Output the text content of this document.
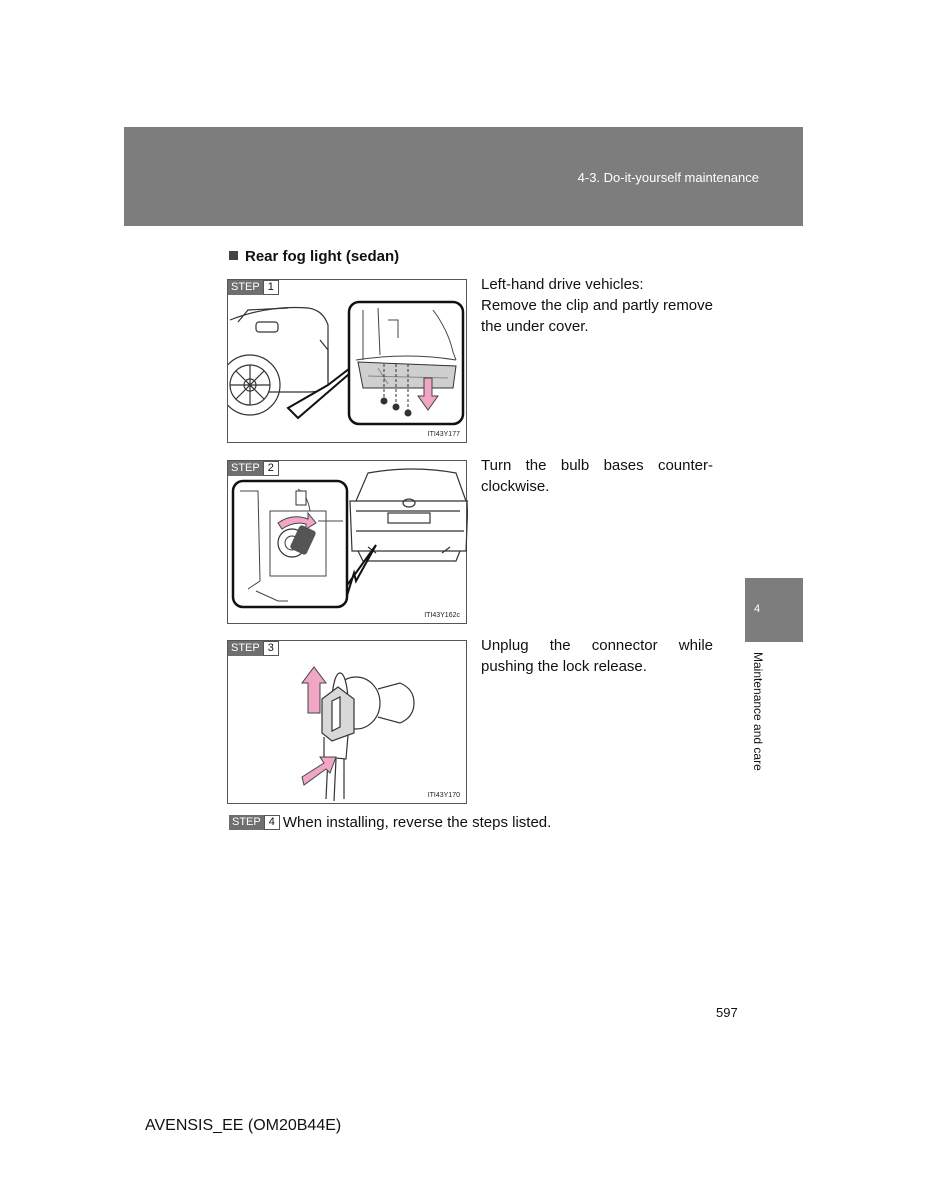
4-3. Do-it-yourself maintenance
Rear fog light (sedan)
STEP 1
ITI43Y177
Left-hand drive vehicles:
Remove the clip and partly remove the under cover.
STEP 2
ITI43Y162c
Turn the bulb bases counter-clockwise.
STEP 3
ITI43Y170
Unplug the connector while pushing the lock release.
STEP 4 When installing, reverse the steps listed.
4
Maintenance and care
597
AVENSIS_EE (OM20B44E)
